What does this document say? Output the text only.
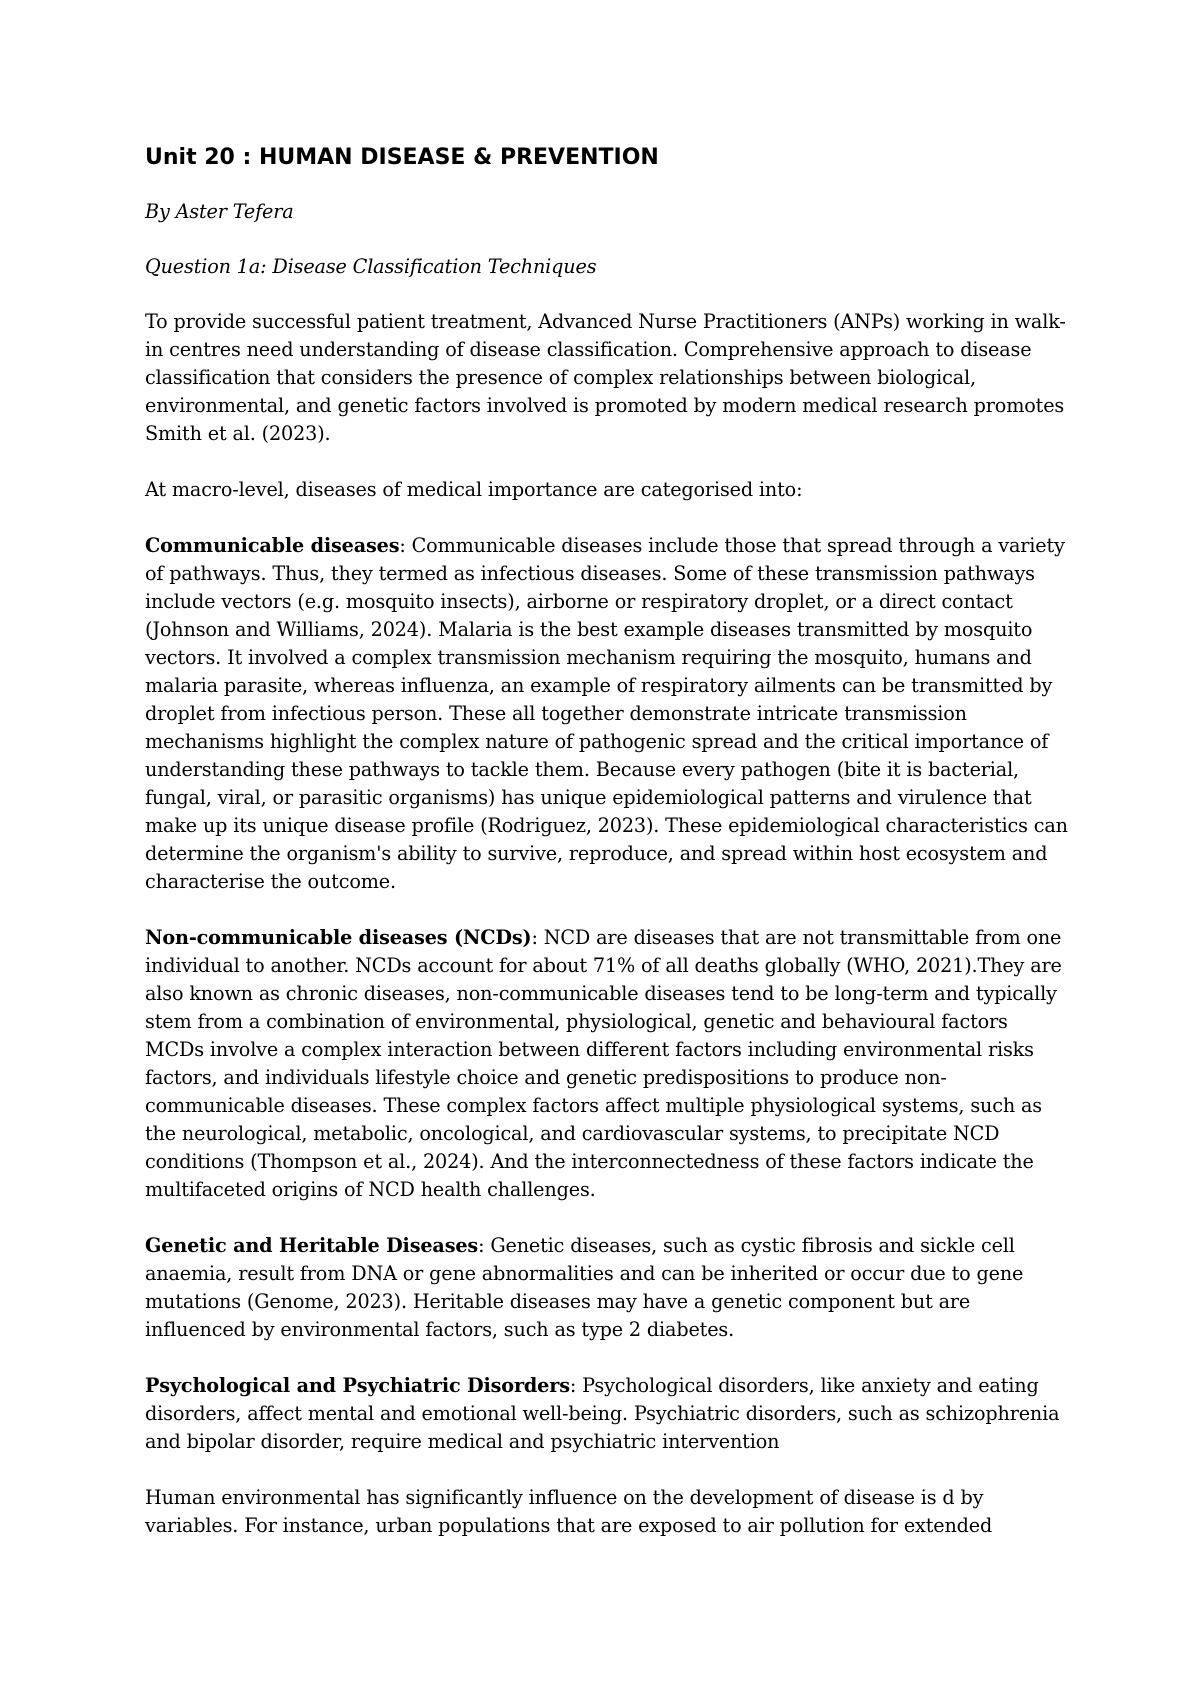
Unit 20 : HUMAN DISEASE & PREVENTION
By Aster Tefera
Question 1a: Disease Classification Techniques

To provide successful patient treatment, Advanced Nurse Practitioners (ANPs) working in walk-in centres need understanding of disease classification. Comprehensive approach to disease classification that considers the presence of complex relationships between biological, environmental, and genetic factors involved is promoted by modern medical research promotes Smith et al. (2023).

At macro-level, diseases of medical importance are categorised into:

Communicable diseases: Communicable diseases include those that spread through a variety of pathways. Thus, they termed as infectious diseases. Some of these transmission pathways include vectors (e.g. mosquito insects), airborne or respiratory droplet, or a direct contact (Johnson and Williams, 2024). Malaria is the best example diseases transmitted by mosquito vectors. It involved a complex transmission mechanism requiring the mosquito, humans and malaria parasite, whereas influenza, an example of respiratory ailments can be transmitted by droplet from infectious person. These all together demonstrate intricate transmission mechanisms highlight the complex nature of pathogenic spread and the critical importance of understanding these pathways to tackle them. Because every pathogen (bite it is bacterial, fungal, viral, or parasitic organisms) has unique epidemiological patterns and virulence that make up its unique disease profile (Rodriguez, 2023). These epidemiological characteristics can determine the organism's ability to survive, reproduce, and spread within host ecosystem and characterise the outcome.

Non-communicable diseases (NCDs): NCD are diseases that are not transmittable from one individual to another. NCDs account for about 71% of all deaths globally (WHO, 2021).They are also known as chronic diseases, non-communicable diseases tend to be long-term and typically stem from a combination of environmental, physiological, genetic and behavioural factors MCDs involve a complex interaction between different factors including environmental risks factors, and individuals lifestyle choice and genetic predispositions to produce non-communicable diseases. These complex factors affect multiple physiological systems, such as the neurological, metabolic, oncological, and cardiovascular systems, to precipitate NCD conditions (Thompson et al., 2024). And the interconnectedness of these factors indicate the multifaceted origins of NCD health challenges.

Genetic and Heritable Diseases: Genetic diseases, such as cystic fibrosis and sickle cell anaemia, result from DNA or gene abnormalities and can be inherited or occur due to gene mutations (Genome, 2023). Heritable diseases may have a genetic component but are influenced by environmental factors, such as type 2 diabetes.

Psychological and Psychiatric Disorders: Psychological disorders, like anxiety and eating disorders, affect mental and emotional well-being. Psychiatric disorders, such as schizophrenia and bipolar disorder, require medical and psychiatric intervention

Human environmental has significantly influence on the development of disease is d by variables. For instance, urban populations that are exposed to air pollution for extended
